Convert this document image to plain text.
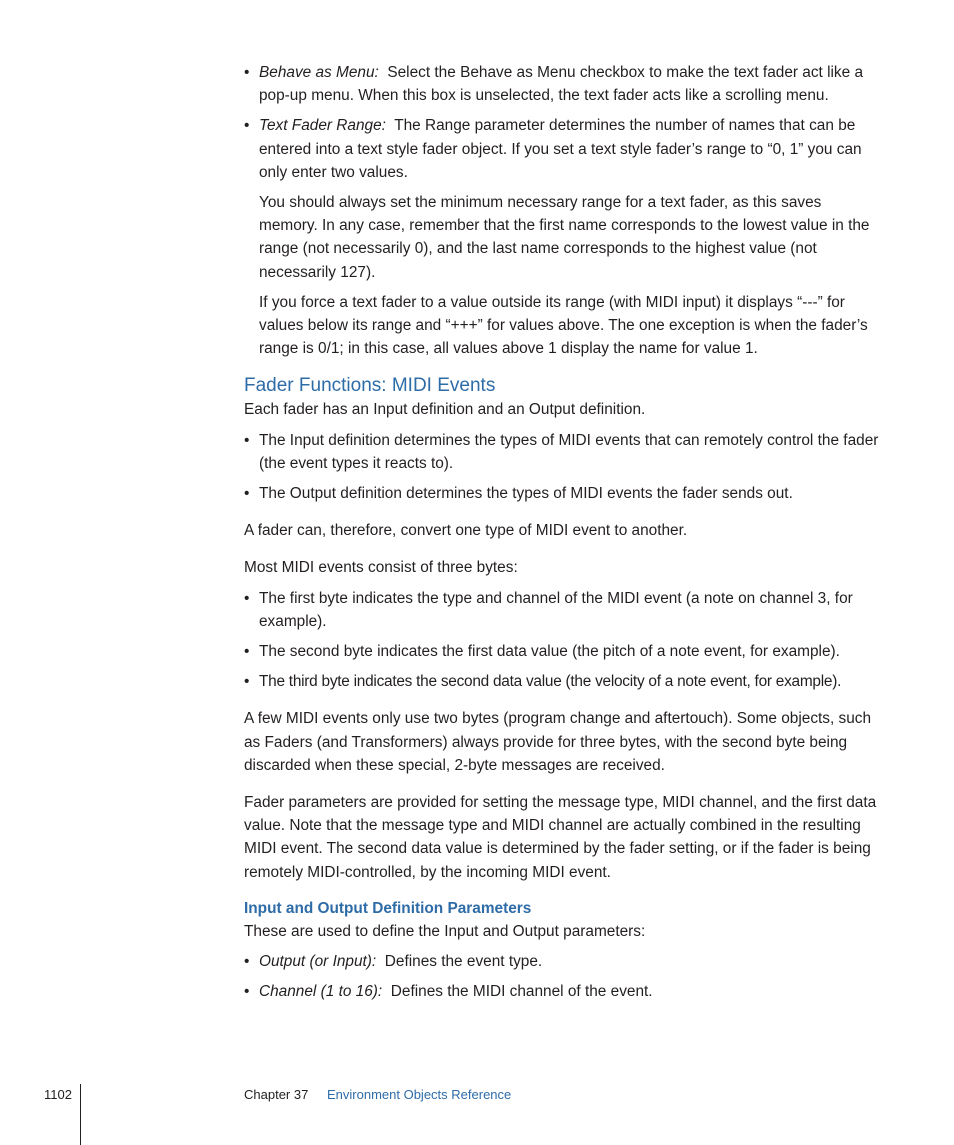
• Behave as Menu: Select the Behave as Menu checkbox to make the text fader act like a pop-up menu. When this box is unselected, the text fader acts like a scrolling menu.

• Text Fader Range: The Range parameter determines the number of names that can be entered into a text style fader object. If you set a text style fader’s range to “0, 1” you can only enter two values.

You should always set the minimum necessary range for a text fader, as this saves memory. In any case, remember that the first name corresponds to the lowest value in the range (not necessarily 0), and the last name corresponds to the highest value (not necessarily 127).

If you force a text fader to a value outside its range (with MIDI input) it displays “---” for values below its range and “+++” for values above. The one exception is when the fader’s range is 0/1; in this case, all values above 1 display the name for value 1.

Fader Functions: MIDI Events

Each fader has an Input definition and an Output definition.

• The Input definition determines the types of MIDI events that can remotely control the fader (the event types it reacts to).

• The Output definition determines the types of MIDI events the fader sends out.

A fader can, therefore, convert one type of MIDI event to another.

Most MIDI events consist of three bytes:

• The first byte indicates the type and channel of the MIDI event (a note on channel 3, for example).

• The second byte indicates the first data value (the pitch of a note event, for example).

• The third byte indicates the second data value (the velocity of a note event, for example).

A few MIDI events only use two bytes (program change and aftertouch). Some objects, such as Faders (and Transformers) always provide for three bytes, with the second byte being discarded when these special, 2-byte messages are received.

Fader parameters are provided for setting the message type, MIDI channel, and the first data value. Note that the message type and MIDI channel are actually combined in the resulting MIDI event. The second data value is determined by the fader setting, or if the fader is being remotely MIDI-controlled, by the incoming MIDI event.

Input and Output Definition Parameters

These are used to define the Input and Output parameters:

• Output (or Input): Defines the event type.

• Channel (1 to 16): Defines the MIDI channel of the event.

1102	Chapter 37 Environment Objects Reference
